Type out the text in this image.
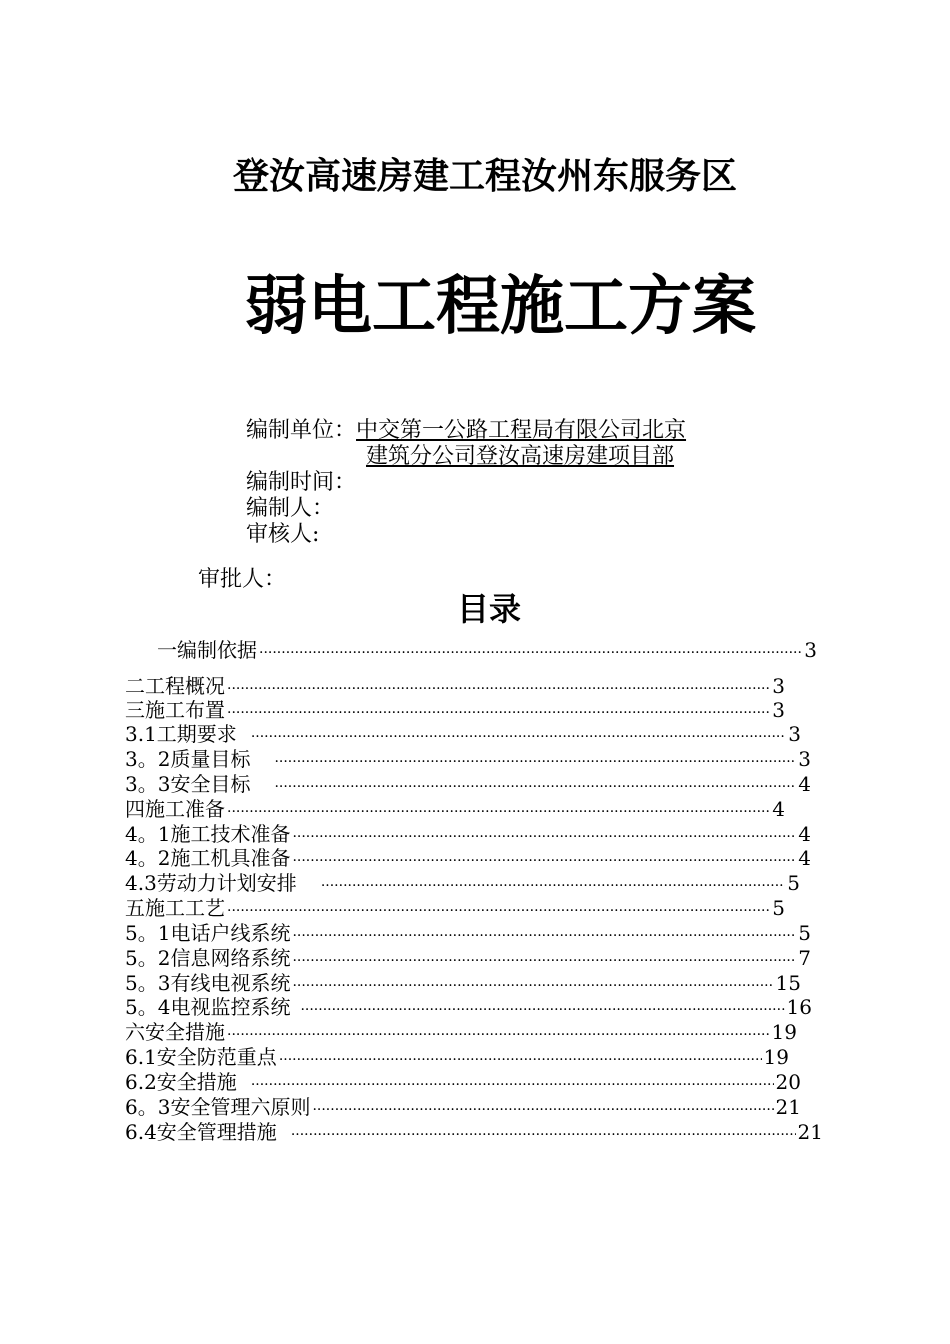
登汝高速房建工程汝州东服务区
弱电工程施工方案
编制单位： 中交第一公路工程局有限公司北京
建筑分公司登汝高速房建项目部
编制时间：
编制人：
审核人:
审批人：
目录
一编制依据 ·····	3
二工程概况 ·····	3
三施工布置 ·····	3
3.1工期要求 ·····	3
3。2质量目标 ·····	3
3。3安全目标 ·····	4
四施工准备 ·····	4
4。1施工技术准备 ·····	4
4。2施工机具准备 ·····	4
4.3劳动力计划安排 ·····	5
五施工工艺 ·····	5
5。1电话户线系统 ·····	5
5。2信息网络系统 ·····	7
5。3有线电视系统 ·····	15
5。4电视监控系统 ·····	16
六安全措施 ·····	19
6.1安全防范重点 ·····	19
6.2安全措施 ·····	20
6。3安全管理六原则 ·····	21
6.4安全管理措施 ·····	21
